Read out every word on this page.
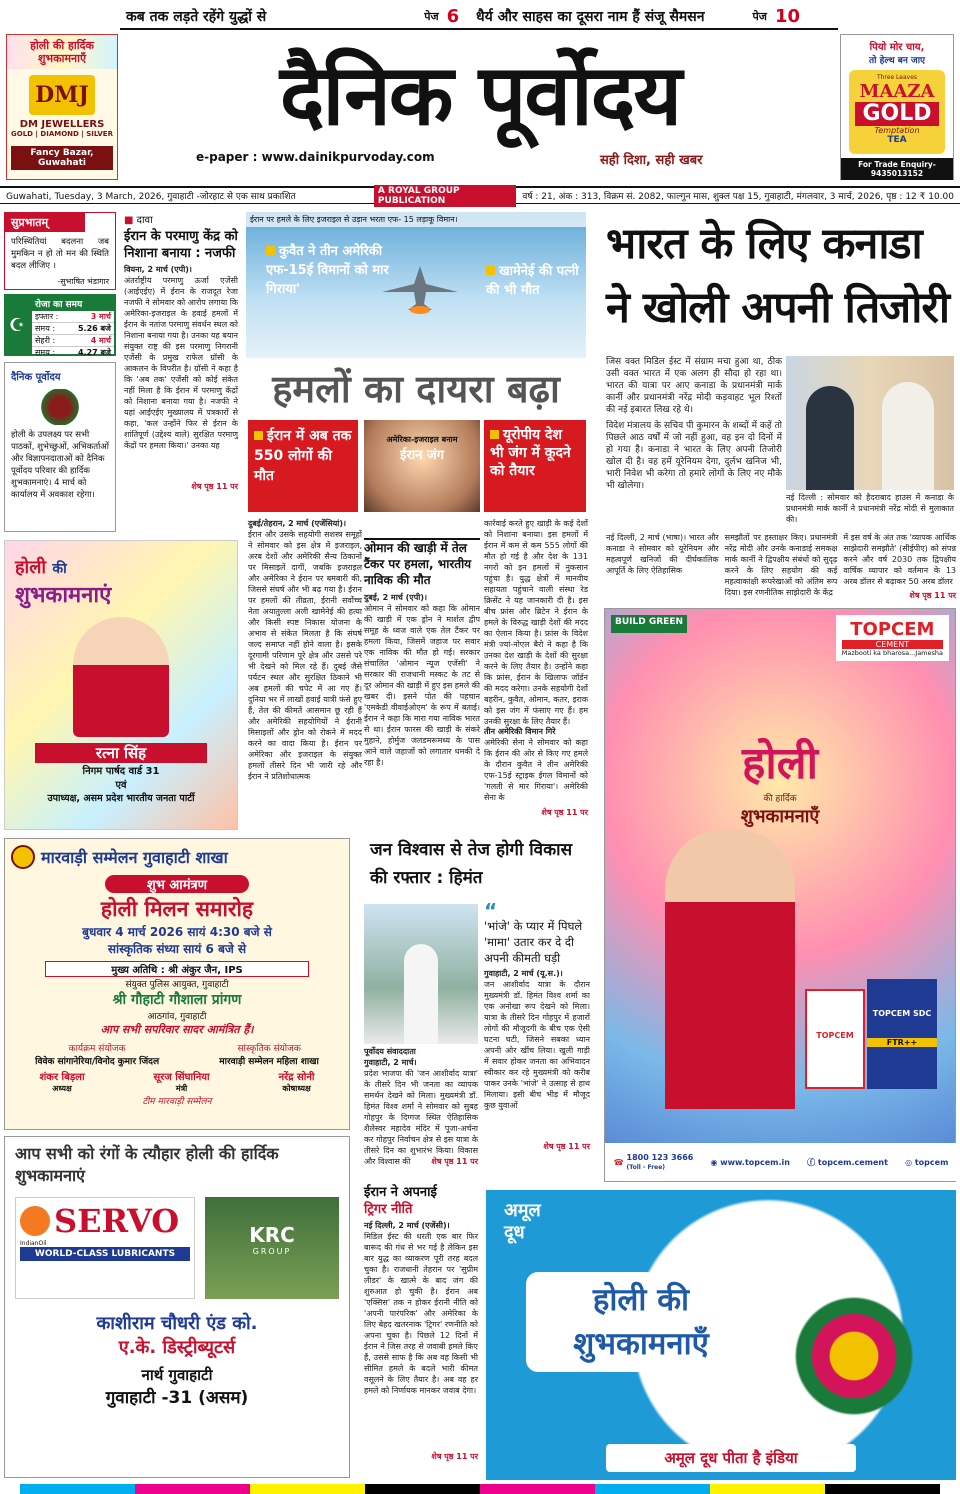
कब तक लड़ते रहेंगे युद्धों से	पेज 6 धैर्य और साहस का दूसरा नाम हैं संजू सैमसन	पेज 10
होली की हार्दिक शुभकामनाएँ
DMJ
DM JEWELLERS
GOLD | DIAMOND | SILVER
Fancy Bazar, Guwahati
दैनिक पूर्वोदय
e-paper : www.dainikpurvoday.com	सही दिशा, सही खबर
पियो मोर चाय,
तो हेल्थ बन जाए
Three Leaves
MAAZA
GOLD
Temptation
TEA
For Trade Enquiry- 9435013152
Guwahati, Tuesday, 3 March, 2026, गुवाहाटी -जोरहाट से एक साथ प्रकाशित
A ROYAL GROUP PUBLICATION	वर्ष : 21, अंक : 313, विक्रम सं. 2082, फाल्गुन मास, शुक्ल पक्ष 15, गुवाहाटी, मंगलवार, 3 मार्च, 2026, पृष्ठ : 12 ₹ 10.00
सुप्रभातम्
परिस्थितियां बदलना जब मुमकिन न हो तो मन की स्थिति बदल लीजिए ।
-सुभाषित भंडागार
☪
रोजा का समय
इफ्तार :	3 मार्च
समय :	5.26 बजे
सेहरी :	4 मार्च
समय :	4.27 बजे
दैनिक पूर्वोदय
होली के उपलक्ष्य पर सभी पाठकों, शुभेच्छुओं, अभिकर्ताओं और विज्ञापनदाताओं को दैनिक पूर्वोदय परिवार की हार्दिक शुभकामनाएं। 4 मार्च को कार्यालय में अवकाश रहेगा।
■ दावा
ईरान के परमाणु केंद्र को निशाना बनाया : नजफी
वियना, 2 मार्च (एपी)।
अंतर्राष्ट्रीय परमाणु ऊर्जा एजेंसी (आईएईए) में ईरान के राजदूत रेजा नजफी ने सोमवार को आरोप लगाया कि अमेरिका-इजराइल के हवाई हमलों में ईरान के नतांज परमाणु संवर्धन स्थल को निशाना बनाया गया है। उनका यह बयान संयुक्त राष्ट्र की इस परमाणु निगरानी एजेंसी के प्रमुख राफेल ग्रॉसी के आकलन के विपरीत है। ग्रॉसी ने कहा है कि 'अब तक' एजेंसी को कोई संकेत नहीं मिला है कि ईरान में परमाणु केंद्रों को निशाना बनाया गया है। नजफी ने यहां आईएईए मुख्यालय में पत्रकारों से कहा, 'कल उन्होंने फिर से ईरान के शांतिपूर्ण (उद्देश्य वाले) सुरक्षित परमाणु केंद्रों पर हमला किया।' उनका यह
शेष पृष्ठ 11 पर
ईरान पर हमले के लिए इजराइल से उड़ान भरता एफ- 15 लड़ाकू विमान।
कुवैत ने तीन अमेरिकी एफ-15ई विमानों को मार गिराया'
खामेनेई की पत्नी की भी मौत
हमलों का दायरा बढ़ा
ईरान में अब तक 550 लोगों की मौत
अमेरिका-इजराइल बनाम
ईरान जंग
यूरोपीय देश भी जंग में कूदने को तैयार
दुबई/तेहरान, 2 मार्च (एजेंसियां)।
ईरान और उसके सहयोगी सशस्त्र समूहों ने सोमवार को इस क्षेत्र में इजराइल, अरब देशों और अमेरिकी सैन्य ठिकानों पर मिसाइलें दागीं, जबकि इजराइल और अमेरिका ने ईरान पर बमबारी की, जिससे संघर्ष और भी बढ़ गया है। ईरान पर हमलों की तीव्रता, ईरानी सर्वोच्च नेता अयातुल्ला अली खामेनेई की हत्या और किसी स्पष्ट निकास योजना के अभाव से संकेत मिलता है कि संघर्ष जल्द समाप्त नहीं होने वाला है। इसके दूरगामी परिणाम पूरे क्षेत्र और उससे परे भी देखने को मिल रहे हैं। दुबई जैसे पर्यटन स्थल और सुरक्षित ठिकाने भी अब हमलों की चपेट में आ गए हैं। दुनिया भर में लाखों हवाई यात्री फंसे हुए हैं, तेल की कीमतें आसमान छू रही हैं और अमेरिकी सहयोगियों ने ईरानी मिसाइलों और ड्रोन को रोकने में मदद करने का वादा किया है। ईरान पर अमेरिका और इजराइल के संयुक्त हमलों तीसरे दिन भी जारी रहे और ईरान ने प्रतिशोधात्मक
ओमान की खाड़ी में तेल टैंकर पर हमला, भारतीय नाविक की मौत
दुबई, 2 मार्च (एपी)।
ओमान ने सोमवार को कहा कि ओमान की खाड़ी में एक ड्रोन ने मार्शल द्वीप समूह के ध्वज वाले एक तेल टैंकर पर हमला किया, जिसमें जहाज पर सवार एक नाविक की मौत हो गई। सरकार संचालित 'ओमान न्यूज एजेंसी' ने सरकार की राजधानी मस्कट के तट से दूर ओमान की खाड़ी में हुए इस हमले की खबर दी। इसने पोत की पहचान 'एमकेडी वीवाईओएम' के रूप में बताई। ईरान ने कहा कि मारा गया नाविक भारत से था। ईरान फारस की खाड़ी के संकरे मुहाने, होर्मुज जलडमरूमध्य के पास आने वाले जहाजों को लगातार धमकी दे रहा है।
कार्रवाई करते हुए खाड़ी के कई देशों को निशाना बनाया। इस हमलों में ईरान में कम से कम 555 लोगों की मौत हो गई है और देश के 131 नगरों को इन हमलों में नुकसान पहुंचा है। युद्ध क्षेत्रों में मानवीय सहायता पहुंचाने वाली संस्था रेड क्रिसेंट ने यह जानकारी दी है। इस बीच फ्रांस और ब्रिटेन ने ईरान के हमले के विरुद्ध खाड़ी देशों की मदद का ऐलान किया है। फ्रांस के विदेश मंत्री ज्यां-नोएल बैरो ने कहा है कि उनका देश खाड़ी के देशों की सुरक्षा करने के लिए तैयार है। उन्होंने कहा कि फ्रांस, ईरान के खिलाफ जॉर्डन की मदद करेगा। उनके सहयोगी देशों बहरीन, कुवैत, ओमान, कतर, इराक को इस जंग में फंसाए गए हैं। हम उनकी सुरक्षा के लिए तैयार हैं।
तीन अमेरिकी विमान गिरे
अमेरिकी सेना ने सोमवार को कहा कि ईरान की ओर से किए गए हमले के दौरान कुवैत ने तीन अमेरिकी एफ-15ई स्ट्राइक ईगल विमानों को 'गलती से मार गिराया'। अमेरिकी सेना के
शेष पृष्ठ 11 पर
भारत के लिए कनाडा ने खोली अपनी तिजोरी
जिस वक्त मिडिल ईस्ट में संग्राम मचा हुआ था, ठीक उसी वक्त भारत में एक अलग ही सौदा हो रहा था। भारत की यात्रा पर आए कनाडा के प्रधानमंत्री मार्क कार्नी और प्रधानमंत्री नरेंद्र मोदी कड़वाहट भूल रिश्तों की नई इबारत लिख रहे थे।
विदेश मंत्रालय के सचिव पी कुमारन के शब्दों में कहें तो पिछले आठ वर्षों में जो नहीं हुआ, वह इन दो दिनों में हो गया है। कनाडा ने भारत के लिए अपनी तिजोरी खोल दी है। वह हमें यूरेनियम देगा, दुर्लभ खनिज भी, भारी निवेश भी करेगा तो हमारे लोगों के लिए नए मौके भी खोलेगा।
नई दिल्ली : सोमवार को हैदराबाद हाउस में कनाडा के प्रधानमंत्री मार्क कार्नी ने प्रधानमंत्री नरेंद्र मोदी से मुलाकात की।
नई दिल्ली, 2 मार्च (भाषा)। भारत और कनाडा ने सोमवार को यूरेनियम और महत्वपूर्ण खनिजों की दीर्घकालिक आपूर्ति के लिए ऐतिहासिक
समझौतों पर हस्ताक्षर किए। प्रधानमंत्री नरेंद्र मोदी और उनके कनाडाई समकक्ष मार्क कार्नी ने द्विपक्षीय संबंधों को सुदृढ़ करने के लिए सहयोग की कई महत्वाकांक्षी रूपरेखाओं को अंतिम रूप दिया। इस रणनीतिक साझेदारी के केंद्र
में इस वर्ष के अंत तक 'व्यापक आर्थिक साझेदारी समझौते' (सीईपीए) को संपन्न करने और वर्ष 2030 तक द्विपक्षीय वार्षिक व्यापार को वर्तमान के 13 अरब डॉलर से बढ़ाकर 50 अरब डॉलर
शेष पृष्ठ 11 पर
होली की
शुभकामनाएं
रत्ना सिंह
निगम पार्षद वार्ड 31
एवं
उपाध्यक्ष, असम प्रदेश भारतीय जनता पार्टी
मारवाड़ी सम्मेलन गुवाहाटी शाखा
शुभ आमंत्रण
होली मिलन समारोह
बुधवार 4 मार्च 2026 सायं 4:30 बजे से
सांस्कृतिक संध्या सायं 6 बजे से
मुख्य अतिथि : श्री अंकुर जैन, IPS
संयुक्त पुलिस आयुक्त, गुवाहाटी
श्री गौहाटी गौशाला प्रांगण
आठगांव, गुवाहाटी
आप सभी सपरिवार सादर आमंत्रित हैं।
कार्यक्रम संयोजक
विवेक सांगानेरिया/विनोद कुमार जिंदल
सांस्कृतिक संयोजक
मारवाड़ी सम्मेलन महिला शाखा
शंकर बिड़ला
अध्यक्ष
सूरज सिंघानिया
मंत्री
नरेंद्र सोनी
कोषाध्यक्ष
टीम मारवाड़ी सम्मेलन
जन विश्वास से तेज होगी विकास की रफ्तार : हिमंत
पूर्वोदय संवाददाता
गुवाहाटी, 2 मार्च।
प्रदेश भाजपा की 'जन आशीर्वाद यात्रा' के तीसरे दिन भी जनता का व्यापक समर्थन देखने को मिला। मुख्यमंत्री डॉ. हिमंत विश्व शर्मा ने सोमवार को सुबह गोहपुर के दिग्गज स्थित ऐतिहासिक शैलेस्वर महादेव मंदिर में पूजा-अर्चना कर गोहपुर निर्वाचन क्षेत्र से इस यात्रा के तीसरे दिन का शुभारंभ किया। विकास और विश्वास की	शेष पृष्ठ 11 पर
“
'भांजे' के प्यार में पिघले 'मामा' उतार कर दे दी अपनी कीमती घड़ी
गुवाहाटी, 2 मार्च (यू.स.)।
जन आशीर्वाद यात्रा के दौरान मुख्यमंत्री डॉ. हिमंत विश्व शर्मा का एक अनोखा रूप देखने को मिला। यात्रा के तीसरे दिन गोहपुर में हजारों लोगों की मौजूदगी के बीच एक ऐसी घटना घटी, जिसने सबका ध्यान अपनी ओर खींच लिया। खुली गाड़ी में सवार होकर जनता का अभिवादन स्वीकार कर रहे मुख्यमंत्री को करीब पाकर उनके 'भांजे' ने उत्साह से हाथ मिलाया। इसी बीच भीड़ में मौजूद कुछ युवाओं
शेष पृष्ठ 11 पर
आप सभी को रंगों के त्यौहार होली की हार्दिक शुभकामनाएं
SERVO
IndianOil
WORLD-CLASS LUBRICANTS
KRC
GROUP
काशीराम चौधरी एंड को.
ए.के. डिस्ट्रीब्यूटर्स
नार्थ गुवाहाटी
गुवाहाटी -31 (असम)
ईरान ने अपनाई
ट्रिगर नीति
नई दिल्ली, 2 मार्च (एजेंसी)।
मिडिल ईस्ट की धरती एक बार फिर बारूद की गंध से भर गई है लेकिन इस बार युद्ध का व्याकरण पूरी तरह बदल चुका है। राजधानी तेहरान पर 'सुप्रीम लीडर' के खात्मे के बाद जंग की शुरुआत हो चुकी है। ईरान अब 'एक्सिस' तक न होकर ईरानी नीति को 'अपनी पारंपरिक' और अमेरिका के लिए बेहद खतरनाक 'ट्रिगर' रणनीति को अपना चुका है। पिछले 12 दिनों में ईरान ने जिस तरह से जवाबी हमले किए हैं, उससे साफ है कि अब वह किसी भी सीमित हमले के बदले भारी कीमत वसूलने के लिए तैयार है। अब वह हर हमले को निर्णायक मानकर जवाब देगा।
शेष पृष्ठ 11 पर
BUILD GREEN	TOPCEM
CEMENT
Mazbooti ka bharosa...Jamesha
होली
की हार्दिक
शुभकामनाएँ
TOPCEM
TOPCEM SDC
FTR++
☎ 1800 123 3666
(Toll - Free)
◉ www.topcem.in ⓕ topcem.cement ◎ topcem
अमूल
दूध
होली की शुभकामनाएँ
अमूल दूध पीता है इंडिया
